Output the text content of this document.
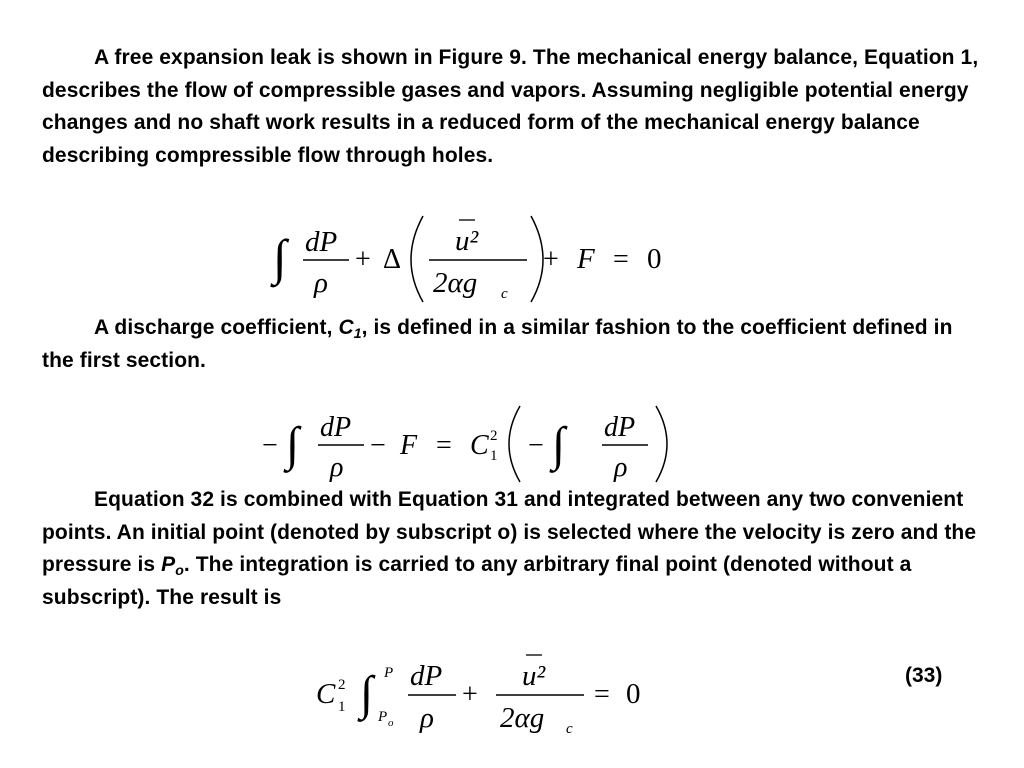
A free expansion leak is shown in Figure 9. The mechanical energy balance, Equation 1, describes the flow of compressible gases and vapors. Assuming negligible potential energy changes and no shaft work results in a reduced form of the mechanical energy balance describing compressible flow through holes.

∫ dP
ρ
+ Δ
u²
2αg c
+ F = 0

A discharge coefficient, $C_1$, is defined in a similar fashion to the coefficient defined in the first section.

− ∫ dP
ρ
− F = C 2
1 − ∫ dP
ρ

Equation 32 is combined with Equation 31 and integrated between any two convenient points. An initial point (denoted by subscript o) is selected where the velocity is zero and the pressure is $P_o$. The integration is carried to any arbitrary final point (denoted without a subscript). The result is

C 2
1 ∫ P
P o
dP
ρ
+
u²
2αg c
= 0
(33)
